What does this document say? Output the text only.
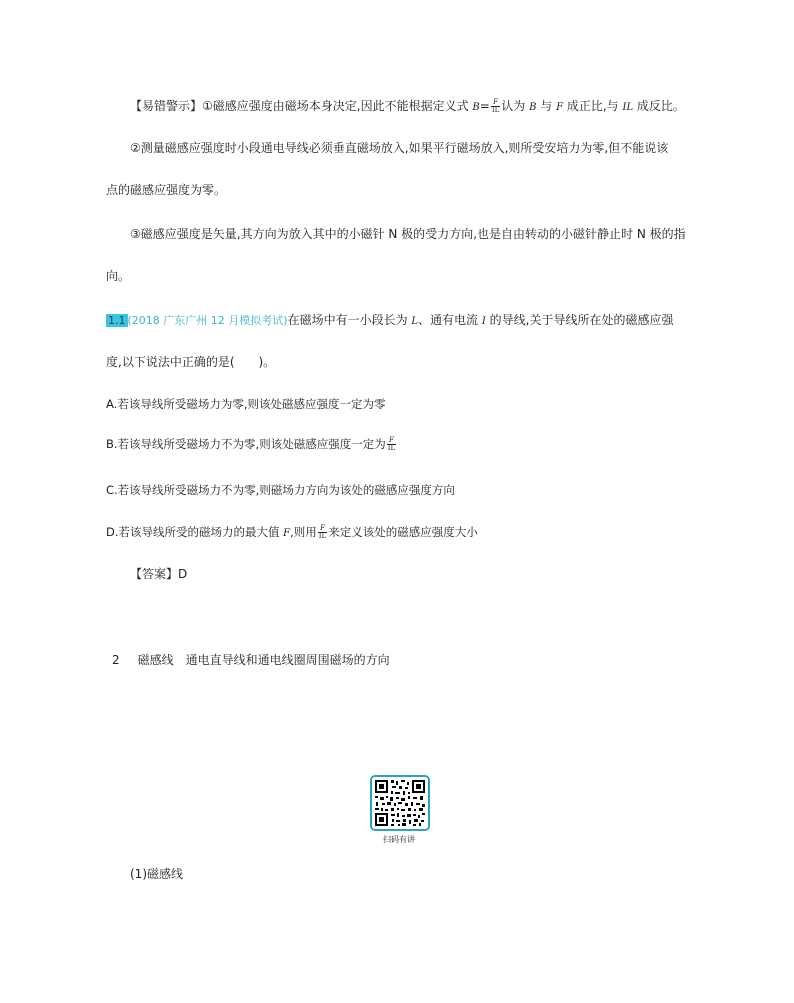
【易错警示】①磁感应强度由磁场本身决定,因此不能根据定义式 $B= \frac{F}{IL}$ 认为 B 与 F 成正比,与 IL 成反比。
②测量磁感应强度时小段通电导线必须垂直磁场放入,如果平行磁场放入,则所受安培力为零,但不能说该
点的磁感应强度为零。
③磁感应强度是矢量,其方向为放入其中的小磁针 N 极的受力方向,也是自由转动的小磁针静止时 N 极的指
向。
1.1 (2018 广东广州 12 月模拟考试)在磁场中有一小段长为 L、通有电流 I 的导线,关于导线所在处的磁感应强
度,以下说法中正确的是(　　)。
A.若该导线所受磁场力为零,则该处磁感应强度一定为零
B.若该导线所受磁场力不为零,则该处磁感应强度一定为 $\frac{F}{IL}$
C.若该导线所受磁场力不为零,则磁场力方向为该处的磁感应强度方向
D.若该导线所受的磁场力的最大值 F,则用 $\frac{F}{IL}$ 来定义该处的磁感应强度大小
【答案】D
2 磁感线　通电直导线和通电线圈周围磁场的方向
扫码有讲
(1)磁感线
